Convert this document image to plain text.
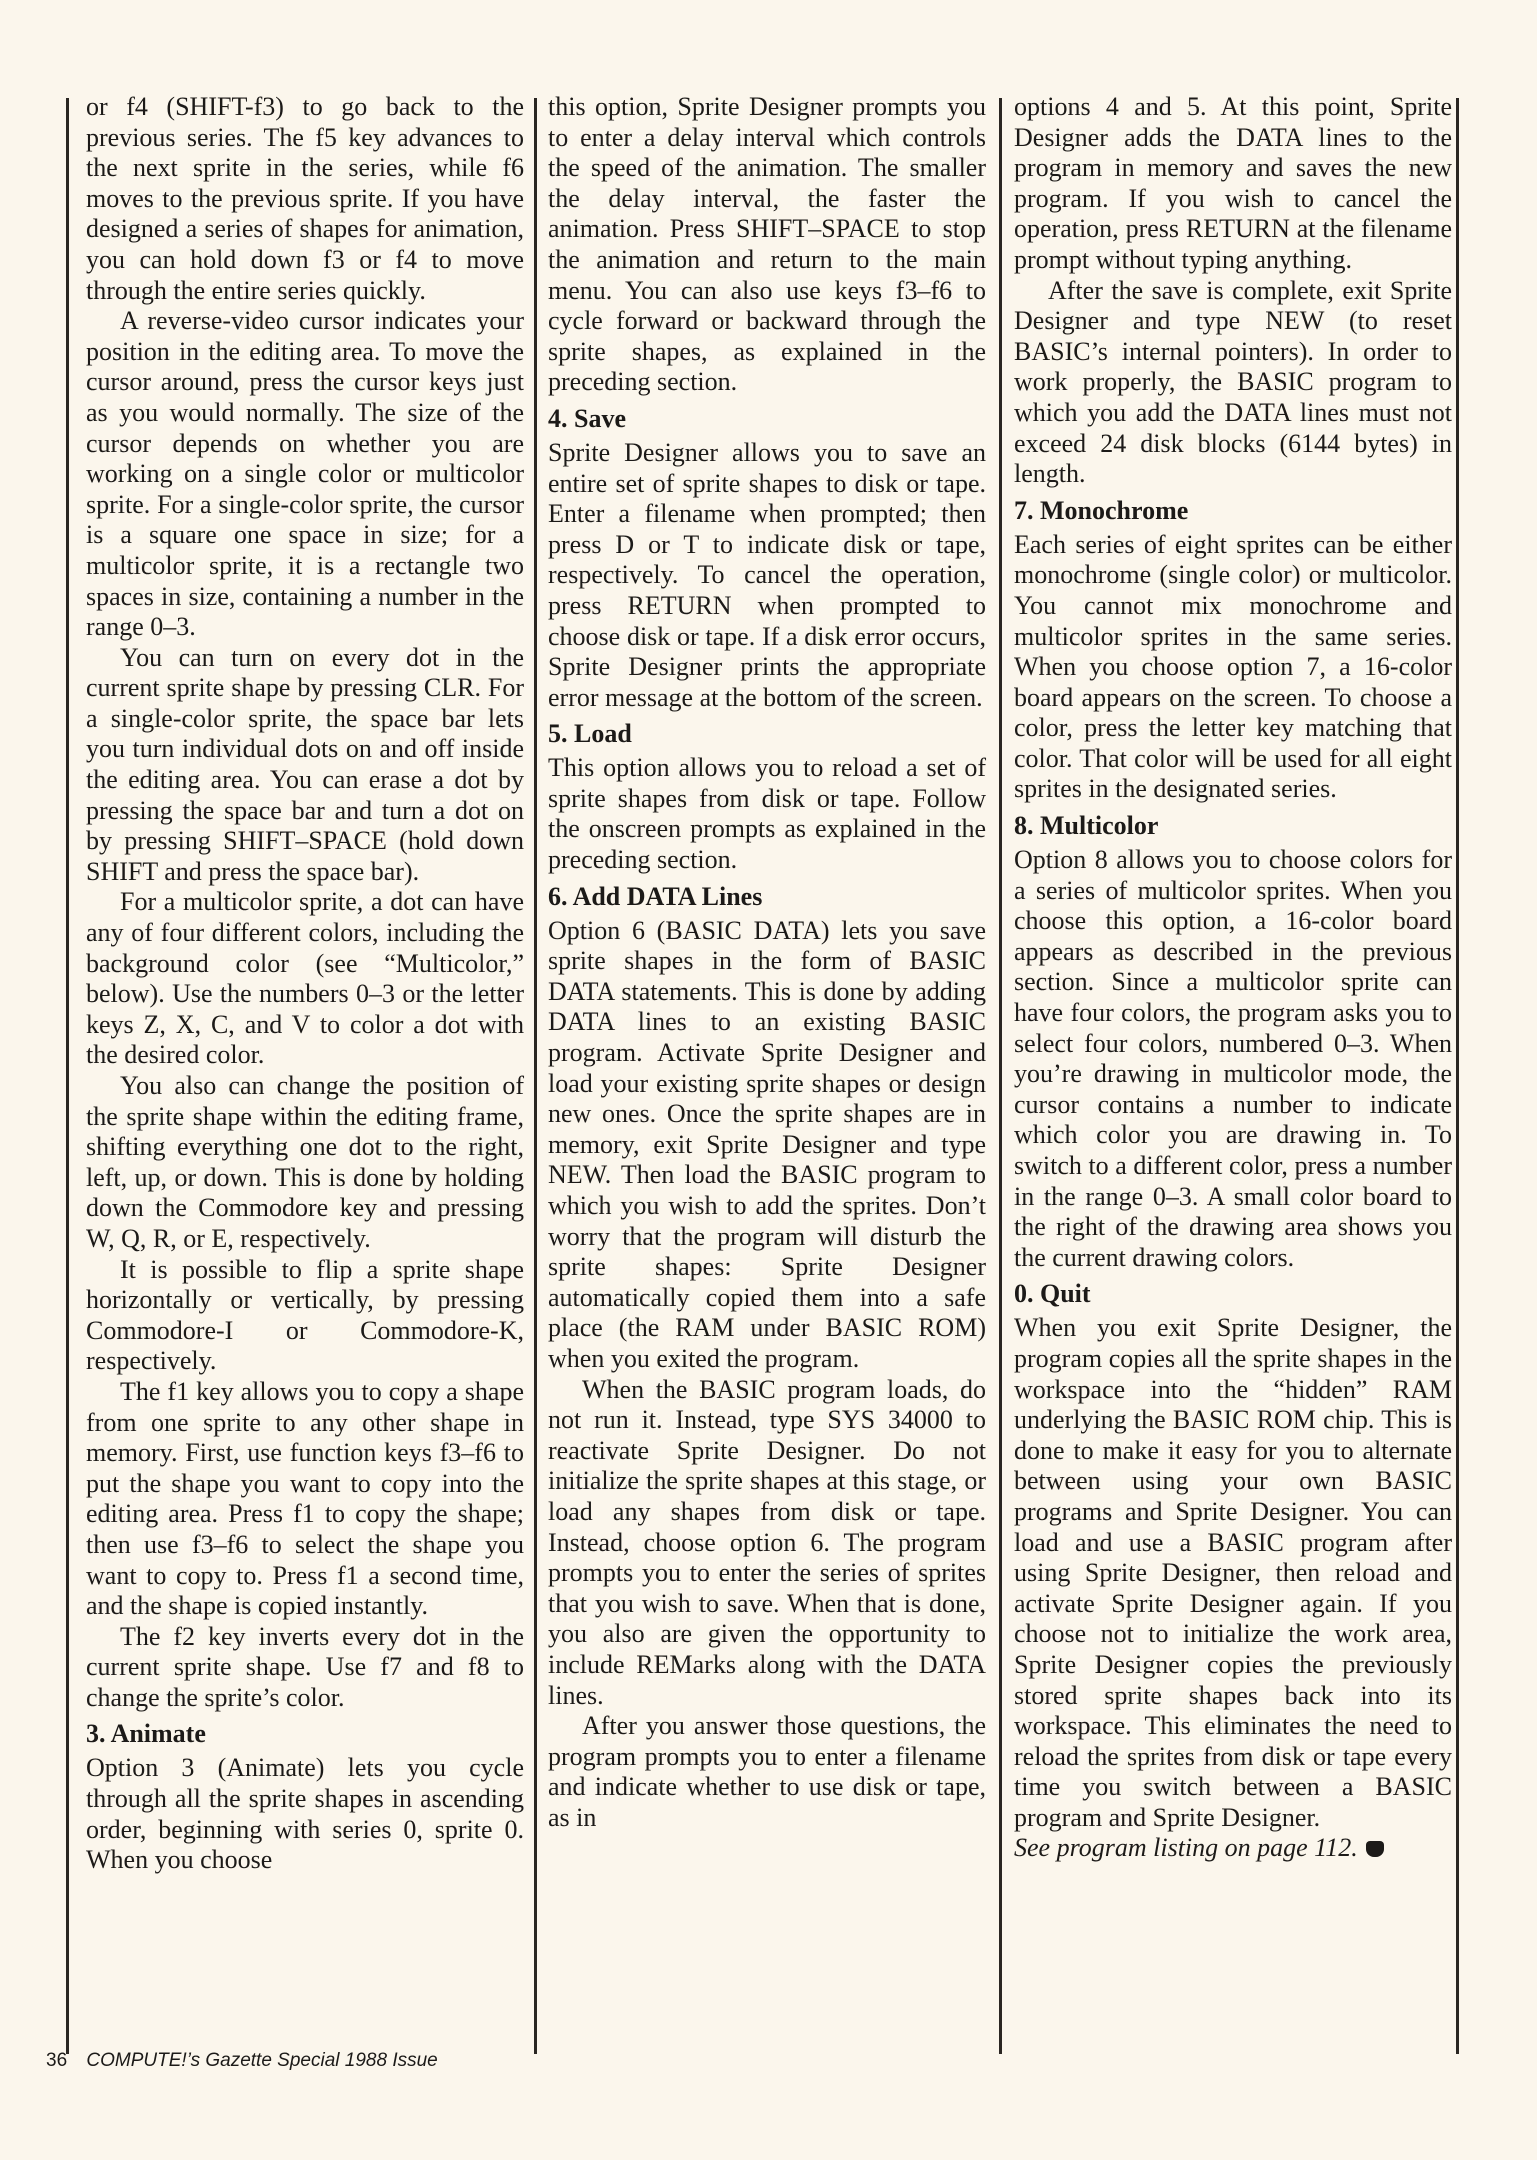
or f4 (SHIFT-f3) to go back to the previous series. The f5 key advances to the next sprite in the series, while f6 moves to the previous sprite. If you have designed a series of shapes for animation, you can hold down f3 or f4 to move through the entire series quickly.

A reverse-video cursor indicates your position in the editing area. To move the cursor around, press the cursor keys just as you would normally. The size of the cursor depends on whether you are working on a single color or multicolor sprite. For a single-color sprite, the cursor is a square one space in size; for a multicolor sprite, it is a rectangle two spaces in size, containing a number in the range 0–3.

You can turn on every dot in the current sprite shape by pressing CLR. For a single-color sprite, the space bar lets you turn individual dots on and off inside the editing area. You can erase a dot by pressing the space bar and turn a dot on by pressing SHIFT–SPACE (hold down SHIFT and press the space bar).

For a multicolor sprite, a dot can have any of four different colors, including the background color (see “Multicolor,” below). Use the numbers 0–3 or the letter keys Z, X, C, and V to color a dot with the desired color.

You also can change the position of the sprite shape within the editing frame, shifting everything one dot to the right, left, up, or down. This is done by holding down the Commodore key and pressing W, Q, R, or E, respectively.

It is possible to flip a sprite shape horizontally or vertically, by pressing Commodore-I or Commodore-K, respectively.

The f1 key allows you to copy a shape from one sprite to any other shape in memory. First, use function keys f3–f6 to put the shape you want to copy into the editing area. Press f1 to copy the shape; then use f3–f6 to select the shape you want to copy to. Press f1 a second time, and the shape is copied instantly.

The f2 key inverts every dot in the current sprite shape. Use f7 and f8 to change the sprite’s color.

3. Animate

Option 3 (Animate) lets you cycle through all the sprite shapes in ascending order, beginning with series 0, sprite 0. When you choose

this option, Sprite Designer prompts you to enter a delay interval which controls the speed of the animation. The smaller the delay interval, the faster the animation. Press SHIFT–SPACE to stop the animation and return to the main menu. You can also use keys f3–f6 to cycle forward or backward through the sprite shapes, as explained in the preceding section.

4. Save

Sprite Designer allows you to save an entire set of sprite shapes to disk or tape. Enter a filename when prompted; then press D or T to indicate disk or tape, respectively. To cancel the operation, press RETURN when prompted to choose disk or tape. If a disk error occurs, Sprite Designer prints the appropriate error message at the bottom of the screen.

5. Load

This option allows you to reload a set of sprite shapes from disk or tape. Follow the onscreen prompts as explained in the preceding section.

6. Add DATA Lines

Option 6 (BASIC DATA) lets you save sprite shapes in the form of BASIC DATA statements. This is done by adding DATA lines to an existing BASIC program. Activate Sprite Designer and load your existing sprite shapes or design new ones. Once the sprite shapes are in memory, exit Sprite Designer and type NEW. Then load the BASIC program to which you wish to add the sprites. Don’t worry that the program will disturb the sprite shapes: Sprite Designer automatically copied them into a safe place (the RAM under BASIC ROM) when you exited the program.

When the BASIC program loads, do not run it. Instead, type SYS 34000 to reactivate Sprite Designer. Do not initialize the sprite shapes at this stage, or load any shapes from disk or tape. Instead, choose option 6. The program prompts you to enter the series of sprites that you wish to save. When that is done, you also are given the opportunity to include REMarks along with the DATA lines.

After you answer those questions, the program prompts you to enter a filename and indicate whether to use disk or tape, as in

options 4 and 5. At this point, Sprite Designer adds the DATA lines to the program in memory and saves the new program. If you wish to cancel the operation, press RETURN at the filename prompt without typing anything.

After the save is complete, exit Sprite Designer and type NEW (to reset BASIC’s internal pointers). In order to work properly, the BASIC program to which you add the DATA lines must not exceed 24 disk blocks (6144 bytes) in length.

7. Monochrome

Each series of eight sprites can be either monochrome (single color) or multicolor. You cannot mix monochrome and multicolor sprites in the same series. When you choose option 7, a 16-color board appears on the screen. To choose a color, press the letter key matching that color. That color will be used for all eight sprites in the designated series.

8. Multicolor

Option 8 allows you to choose colors for a series of multicolor sprites. When you choose this option, a 16-color board appears as described in the previous section. Since a multicolor sprite can have four colors, the program asks you to select four colors, numbered 0–3. When you’re drawing in multicolor mode, the cursor contains a number to indicate which color you are drawing in. To switch to a different color, press a number in the range 0–3. A small color board to the right of the drawing area shows you the current drawing colors.

0. Quit

When you exit Sprite Designer, the program copies all the sprite shapes in the workspace into the “hidden” RAM underlying the BASIC ROM chip. This is done to make it easy for you to alternate between using your own BASIC programs and Sprite Designer. You can load and use a BASIC program after using Sprite Designer, then reload and activate Sprite Designer again. If you choose not to initialize the work area, Sprite Designer copies the previously stored sprite shapes back into its workspace. This eliminates the need to reload the sprites from disk or tape every time you switch between a BASIC program and Sprite Designer.

See program listing on page 112.

36 COMPUTE!’s Gazette Special 1988 Issue
